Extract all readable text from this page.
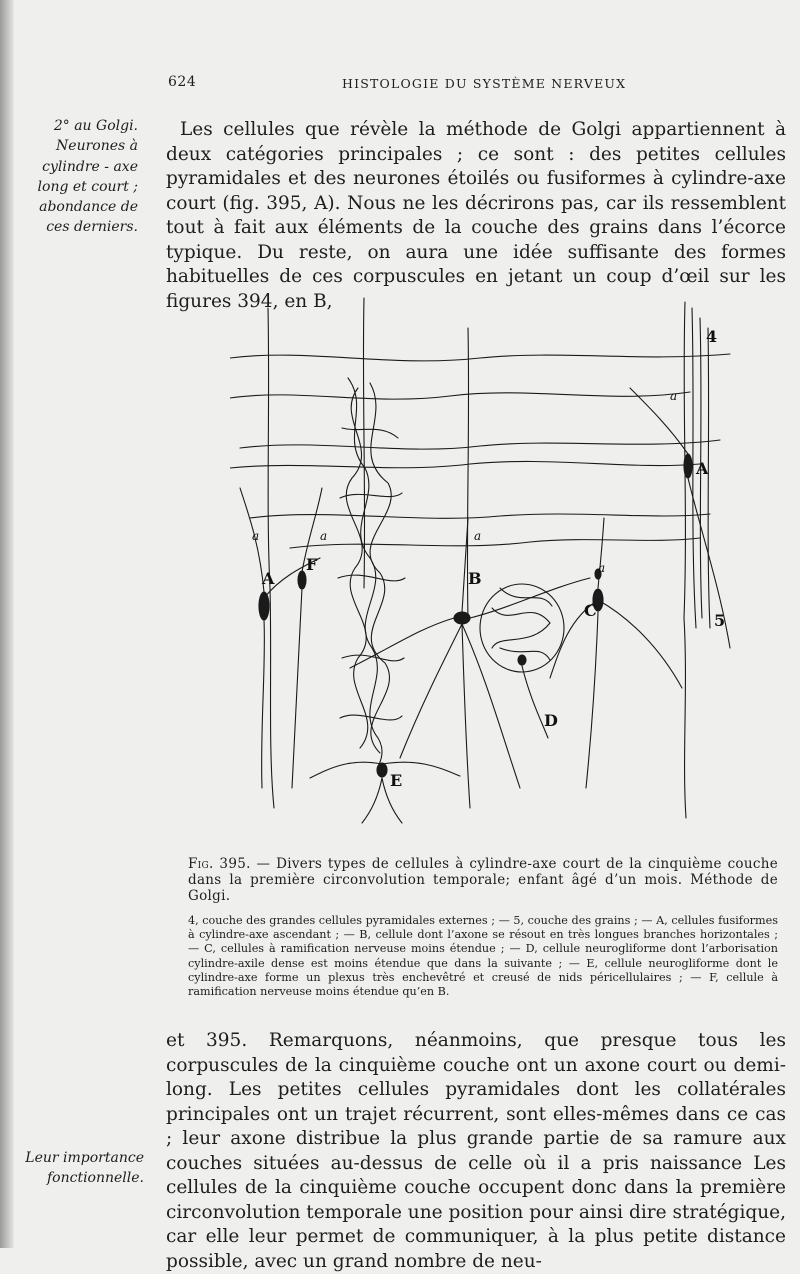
624	HISTOLOGIE DU SYSTÈME NERVEUX
2° au Golgi. Neurones à cylindre - axe long et court ; abondance de ces derniers.
Leur importance fonctionnelle.

Les cellules que révèle la méthode de Golgi appartiennent à deux catégories principales ; ce sont : des petites cellules pyramidales et des neurones étoilés ou fusiformes à cylindre-axe court (fig. 395, A). Nous ne les décrirons pas, car ils ressemblent tout à fait aux éléments de la couche des grains dans l’écorce typique. Du reste, on aura une idée suffisante des formes habituelles de ces corpuscules en jetant un coup d’œil sur les figures 394, en B,

4
5
A
A
F
B
C
D
E
a	a	a
a
a
Fig. 395. — Divers types de cellules à cylindre-axe court de la cinquième couche dans la première circonvolution temporale; enfant âgé d’un mois. Méthode de Golgi.
4, couche des grandes cellules pyramidales externes ; — 5, couche des grains ; — A, cellules fusiformes à cylindre-axe ascendant ; — B, cellule dont l’axone se résout en très longues branches horizontales ; — C, cellules à ramification nerveuse moins étendue ; — D, cellule neurogliforme dont l’arborisation cylindre-axile dense est moins étendue que dans la suivante ; — E, cellule neurogliforme dont le cylindre-axe forme un plexus très enchevêtré et creusé de nids péricellulaires ; — F, cellule à ramification nerveuse moins étendue qu’en B.

et 395. Remarquons, néanmoins, que presque tous les corpuscules de la cinquième couche ont un axone court ou demi-long. Les petites cellules pyramidales dont les collatérales principales ont un trajet récurrent, sont elles-mêmes dans ce cas ; leur axone distribue la plus grande partie de sa ramure aux couches situées au-dessus de celle où il a pris naissance Les cellules de la cinquième couche occupent donc dans la première circonvolution temporale une position pour ainsi dire stratégique, car elle leur permet de communiquer, à la plus petite distance possible, avec un grand nombre de neu-
